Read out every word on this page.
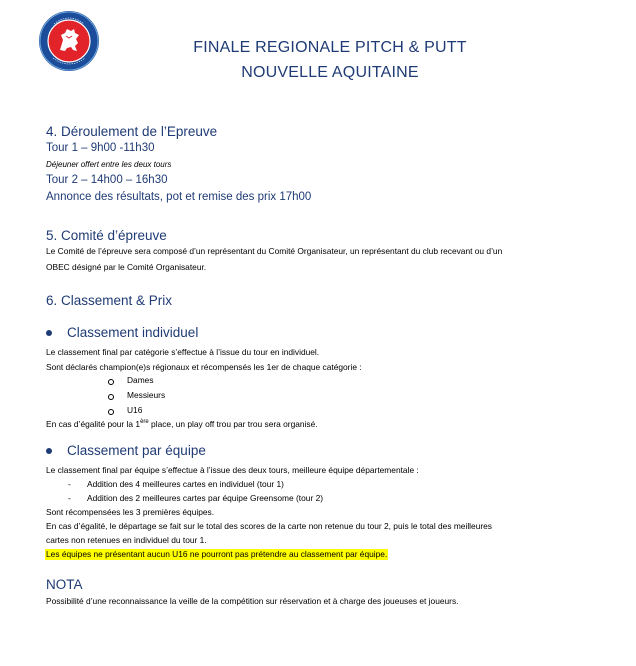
FINALE REGIONALE PITCH & PUTT
NOUVELLE AQUITAINE
4. Déroulement de l’Epreuve
Tour 1 – 9h00 -11h30
Déjeuner offert entre les deux tours
Tour 2 – 14h00 – 16h30
Annonce des résultats, pot et remise des prix 17h00
5. Comité d’épreuve
Le Comité de l’épreuve sera composé d’un représentant du Comité Organisateur, un représentant du club recevant ou d’un
OBEC désigné par le Comité Organisateur.
6. Classement & Prix
Classement individuel
Le classement final par catégorie s’effectue à l’issue du tour en individuel.
Sont déclarés champion(e)s régionaux et récompensés les 1er de chaque catégorie :
Dames
Messieurs
U16
En cas d’égalité pour la 1ère place, un play off trou par trou sera organisé.
Classement par équipe
Le classement final par équipe s’effectue à l’issue des deux tours, meilleure équipe départementale :
- Addition des 4 meilleures cartes en individuel (tour 1)
- Addition des 2 meilleures cartes par équipe Greensome (tour 2)
Sont récompensées les 3 premières équipes.
En cas d’égalité, le départage se fait sur le total des scores de la carte non retenue du tour 2, puis le total des meilleures
cartes non retenues en individuel du tour 1.
Les équipes ne présentant aucun U16 ne pourront pas prétendre au classement par équipe.
NOTA
Possibilité d’une reconnaissance la veille de la compétition sur réservation et à charge des joueuses et joueurs.
